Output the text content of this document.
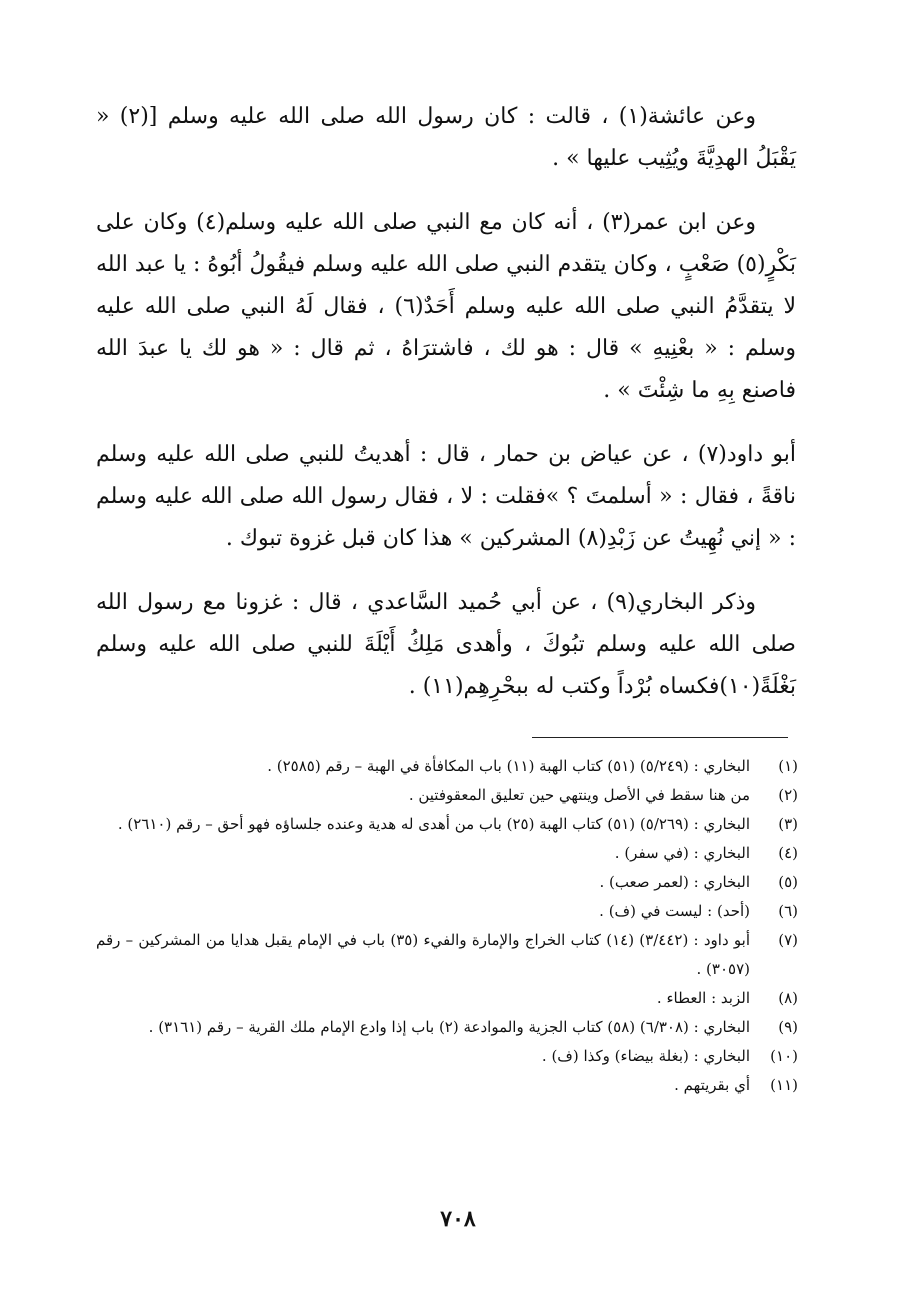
وعن عائشة(١) ، قالت : كان رسول الله صلى الله عليه وسلم [(٢) « يَقْبَلُ الهدِيَّةَ ويُثِيب عليها » .

وعن ابن عمر(٣) ، أنه كان مع النبي صلى الله عليه وسلم(٤) وكان على بَكْرٍ(٥) صَعْبٍ ، وكان يتقدم النبي صلى الله عليه وسلم فيقُولُ أبُوهُ : يا عبد الله لا يتقدَّمُ النبي صلى الله عليه وسلم أَحَدٌ(٦) ، فقال لَهُ النبي صلى الله عليه وسلم : « بعْنِيهِ » قال : هو لك ، فاشترَاهُ ، ثم قال : « هو لك يا عبدَ الله فاصنع بِهِ ما شِئْتَ » .

أبو داود(٧) ، عن عياض بن حمار ، قال : أهديتُ للنبي صلى الله عليه وسلم ناقةً ، فقال : « أسلمتَ ؟ »فقلت : لا ، فقال رسول الله صلى الله عليه وسلم : « إني نُهِيتُ عن زَبْدِ(٨) المشركين » هذا كان قبل غزوة تبوك .

وذكر البخاري(٩) ، عن أبي حُميد السَّاعدي ، قال : غزونا مع رسول الله صلى الله عليه وسلم تبُوكَ ، وأهدى مَلِكُ أَيْلَةَ للنبي صلى الله عليه وسلم بَغْلَةً(١٠)فكساه بُرْداً وكتب له ببحْرِهِم(١١) .

(١)
البخاري : (٥/٢٤٩) (٥١) كتاب الهبة (١١) باب المكافأة في الهبة – رقم (٢٥٨٥) .
(٢)
من هنا سقط في الأصل وينتهي حين تعليق المعقوفتين .
(٣)
البخاري : (٥/٢٦٩) (٥١) كتاب الهبة (٢٥) باب من أهدى له هدية وعنده جلساؤه فهو أحق – رقم (٢٦١٠) .
(٤)
البخاري : (في سفر) .
(٥)
البخاري : (لعمر صعب) .
(٦)
(أحد) : ليست في (ف) .
(٧)
أبو داود : (٣/٤٤٢) (١٤) كتاب الخراج والإمارة والفيء (٣٥) باب في الإمام يقبل هدايا من المشركين – رقم (٣٠٥٧) .
(٨)
الزبد : العطاء .
(٩)
البخاري : (٦/٣٠٨) (٥٨) كتاب الجزية والموادعة (٢) باب إذا وادع الإمام ملك القرية – رقم (٣١٦١) .
(١٠)
البخاري : (بغلة بيضاء) وكذا (ف) .
(١١)
أي بقريتهم .
٧٠٨
